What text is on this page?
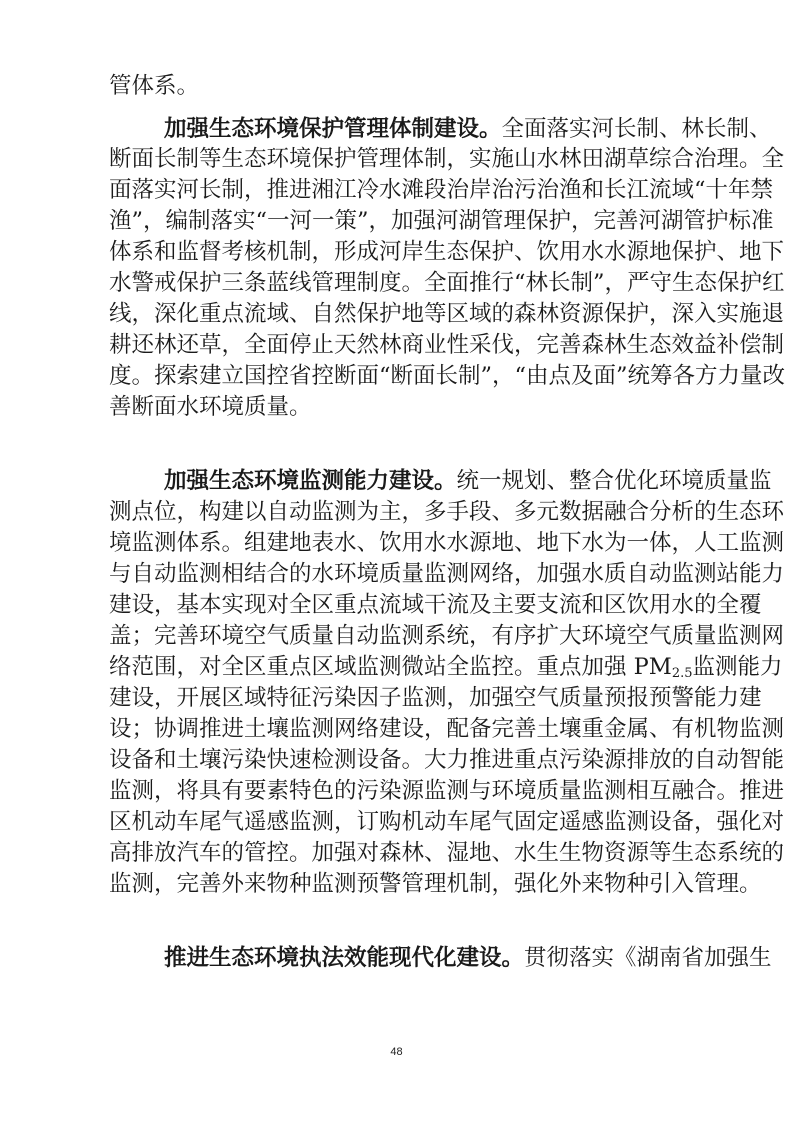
管体系。
加强生态环境保护管理体制建设。全面落实河长制、林长制、
断面长制等生态环境保护管理体制，实施山水林田湖草综合治理。全
面落实河长制，推进湘江冷水滩段治岸治污治渔和长江流域“十年禁
渔”，编制落实“一河一策”，加强河湖管理保护，完善河湖管护标准
体系和监督考核机制，形成河岸生态保护、饮用水水源地保护、地下
水警戒保护三条蓝线管理制度。全面推行“林长制”，严守生态保护红
线，深化重点流域、自然保护地等区域的森林资源保护，深入实施退
耕还林还草，全面停止天然林商业性采伐，完善森林生态效益补偿制
度。探索建立国控省控断面“断面长制”，“由点及面”统筹各方力量改
善断面水环境质量。
加强生态环境监测能力建设。统一规划、整合优化环境质量监
测点位，构建以自动监测为主，多手段、多元数据融合分析的生态环
境监测体系。组建地表水、饮用水水源地、地下水为一体，人工监测
与自动监测相结合的水环境质量监测网络，加强水质自动监测站能力
建设，基本实现对全区重点流域干流及主要支流和区饮用水的全覆
盖；完善环境空气质量自动监测系统，有序扩大环境空气质量监测网
络范围，对全区重点区域监测微站全监控。重点加强 $PM_{2.5}$监测能力
建设，开展区域特征污染因子监测，加强空气质量预报预警能力建
设；协调推进土壤监测网络建设，配备完善土壤重金属、有机物监测
设备和土壤污染快速检测设备。大力推进重点污染源排放的自动智能
监测，将具有要素特色的污染源监测与环境质量监测相互融合。推进
区机动车尾气遥感监测，订购机动车尾气固定遥感监测设备，强化对
高排放汽车的管控。加强对森林、湿地、水生生物资源等生态系统的
监测，完善外来物种监测预警管理机制，强化外来物种引入管理。
推进生态环境执法效能现代化建设。贯彻落实《湖南省加强生
48
